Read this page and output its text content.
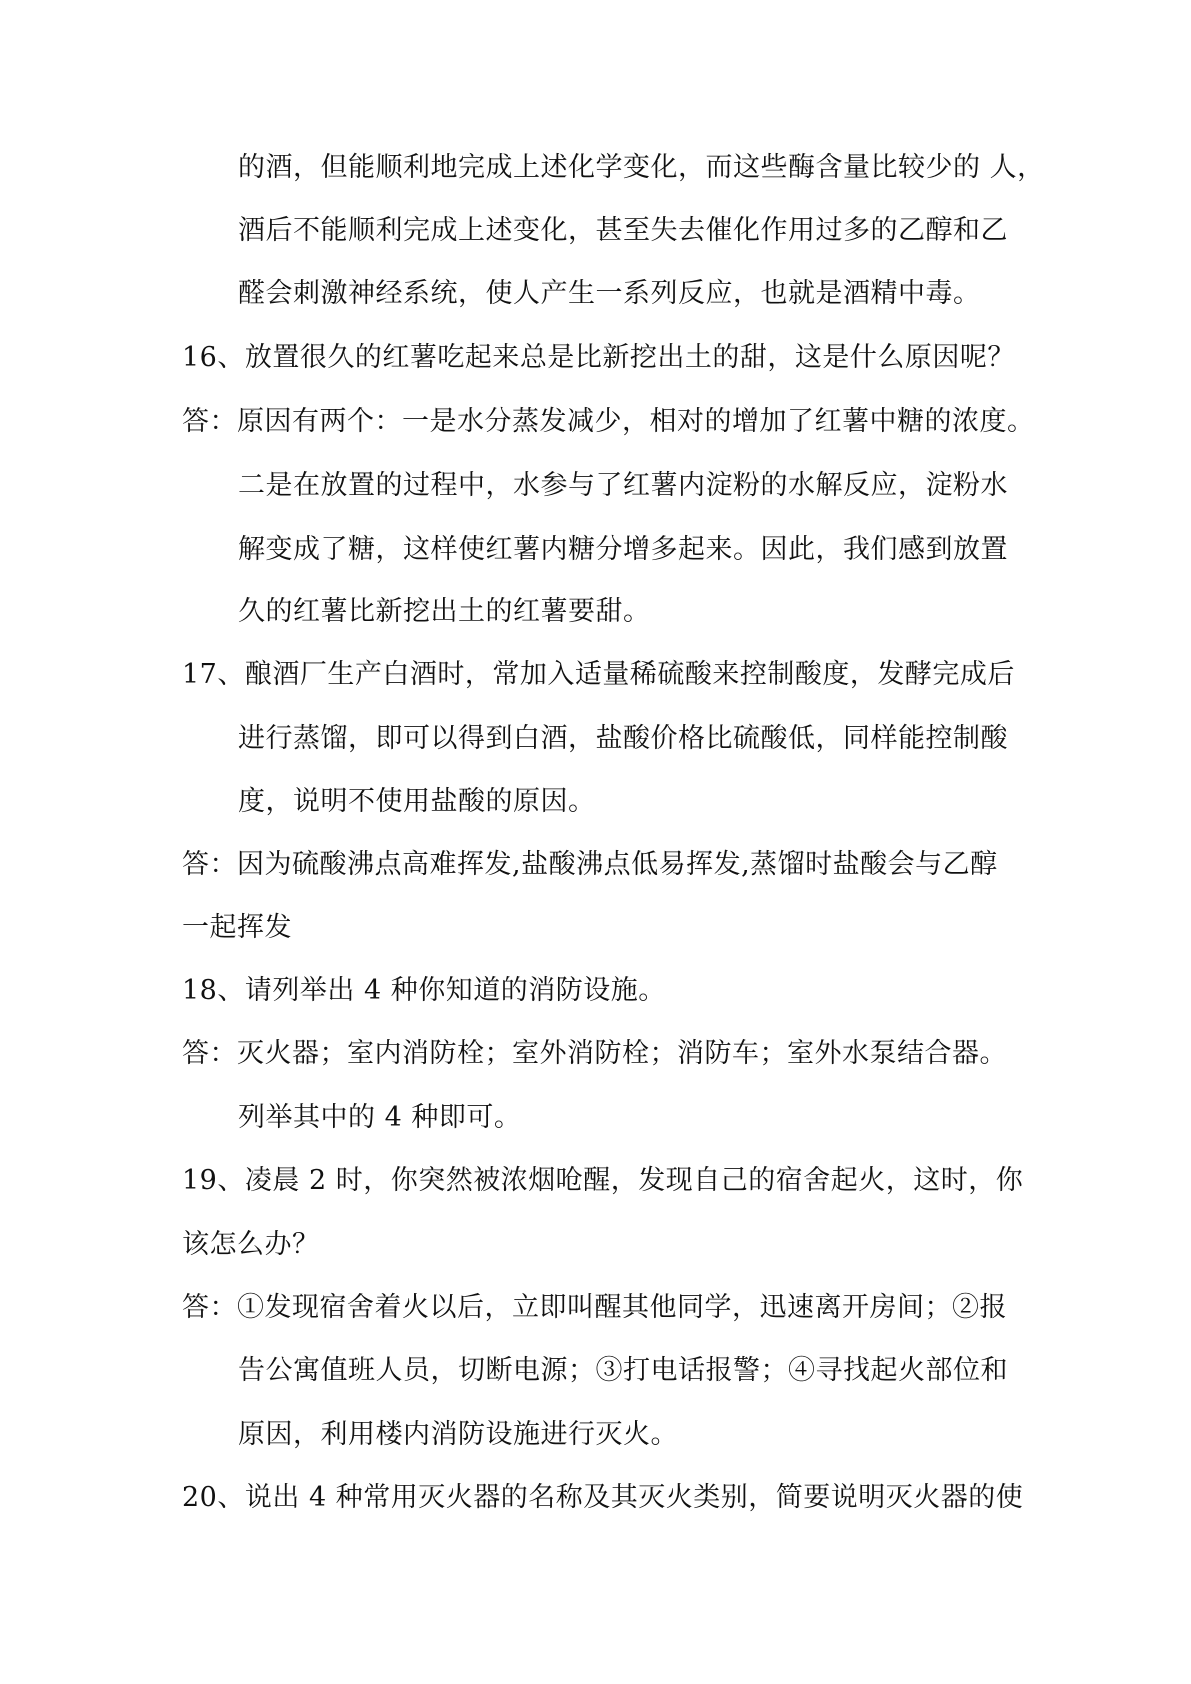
的酒，但能顺利地完成上述化学变化，而这些酶含量比较少的 人，
酒后不能顺利完成上述变化，甚至失去催化作用过多的乙醇和乙
醛会刺激神经系统，使人产生一系列反应，也就是酒精中毒。
16、放置很久的红薯吃起来总是比新挖出土的甜，这是什么原因呢？
答：原因有两个：一是水分蒸发减少，相对的增加了红薯中糖的浓度。
二是在放置的过程中，水参与了红薯内淀粉的水解反应，淀粉水
解变成了糖，这样使红薯内糖分增多起来。因此，我们感到放置
久的红薯比新挖出土的红薯要甜。
17、酿酒厂生产白酒时，常加入适量稀硫酸来控制酸度，发酵完成后
进行蒸馏，即可以得到白酒，盐酸价格比硫酸低，同样能控制酸
度，说明不使用盐酸的原因。
答：因为硫酸沸点高难挥发,盐酸沸点低易挥发,蒸馏时盐酸会与乙醇
一起挥发
18、请列举出 4 种你知道的消防设施。
答：灭火器；室内消防栓；室外消防栓；消防车；室外水泵结合器。
列举其中的 4 种即可。
19、凌晨 2 时，你突然被浓烟呛醒，发现自己的宿舍起火，这时，你
该怎么办？
答：①发现宿舍着火以后，立即叫醒其他同学，迅速离开房间；②报
告公寓值班人员，切断电源；③打电话报警；④寻找起火部位和
原因，利用楼内消防设施进行灭火。
20、说出 4 种常用灭火器的名称及其灭火类别，简要说明灭火器的使
